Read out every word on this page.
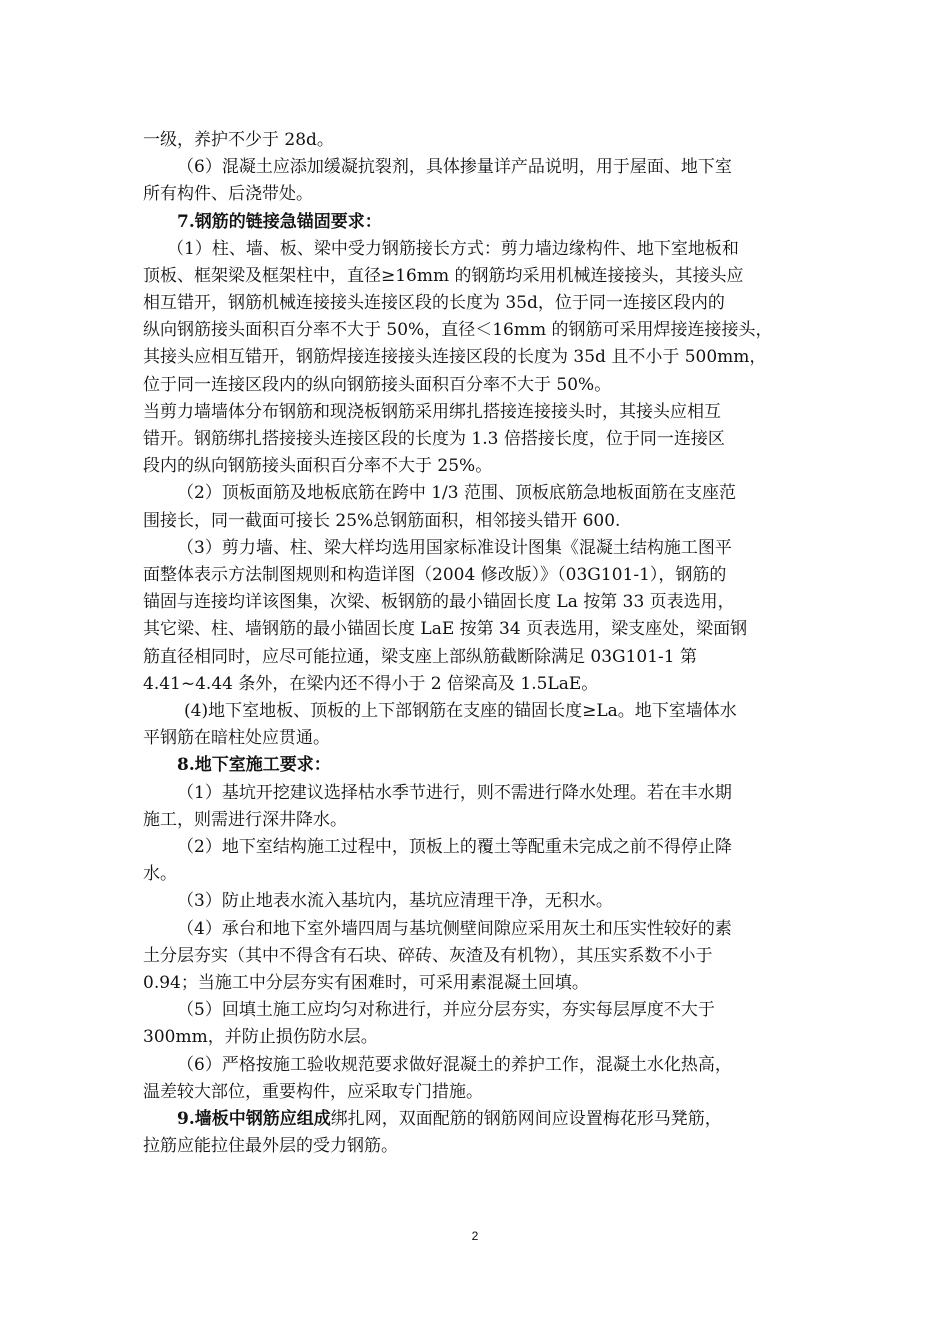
一级，养护不少于 28d。
（6）混凝土应添加缓凝抗裂剂，具体掺量详产品说明，用于屋面、地下室
所有构件、后浇带处。
7.钢筋的链接急锚固要求：
（1）柱、墙、板、梁中受力钢筋接长方式：剪力墙边缘构件、地下室地板和
顶板、框架梁及框架柱中，直径≥16mm 的钢筋均采用机械连接接头，其接头应
相互错开，钢筋机械连接接头连接区段的长度为 35d，位于同一连接区段内的
纵向钢筋接头面积百分率不大于 50%，直径＜16mm 的钢筋可采用焊接连接接头，
其接头应相互错开，钢筋焊接连接接头连接区段的长度为 35d 且不小于 500mm，
位于同一连接区段内的纵向钢筋接头面积百分率不大于 50%。
当剪力墙墙体分布钢筋和现浇板钢筋采用绑扎搭接连接接头时，其接头应相互
错开。钢筋绑扎搭接接头连接区段的长度为 1.3 倍搭接长度，位于同一连接区
段内的纵向钢筋接头面积百分率不大于 25%。
（2）顶板面筋及地板底筋在跨中 1/3 范围、顶板底筋急地板面筋在支座范
围接长，同一截面可接长 25%总钢筋面积，相邻接头错开 600.
（3）剪力墙、柱、梁大样均选用国家标准设计图集《混凝土结构施工图平
面整体表示方法制图规则和构造详图（2004 修改版）》（03G101-1），钢筋的
锚固与连接均详该图集，次梁、板钢筋的最小锚固长度 La 按第 33 页表选用，
其它梁、柱、墙钢筋的最小锚固长度 LaE 按第 34 页表选用，梁支座处，梁面钢
筋直径相同时，应尽可能拉通，梁支座上部纵筋截断除满足 03G101-1 第
4.41~4.44 条外，在梁内还不得小于 2 倍梁高及 1.5LaE。
(4)地下室地板、顶板的上下部钢筋在支座的锚固长度≥La。地下室墙体水
平钢筋在暗柱处应贯通。
8.地下室施工要求：
（1）基坑开挖建议选择枯水季节进行，则不需进行降水处理。若在丰水期
施工，则需进行深井降水。
（2）地下室结构施工过程中，顶板上的覆土等配重未完成之前不得停止降
水。
（3）防止地表水流入基坑内，基坑应清理干净，无积水。
（4）承台和地下室外墙四周与基坑侧壁间隙应采用灰土和压实性较好的素
土分层夯实（其中不得含有石块、碎砖、灰渣及有机物），其压实系数不小于
0.94；当施工中分层夯实有困难时，可采用素混凝土回填。
（5）回填土施工应均匀对称进行，并应分层夯实，夯实每层厚度不大于
300mm，并防止损伤防水层。
（6）严格按施工验收规范要求做好混凝土的养护工作，混凝土水化热高，
温差较大部位，重要构件，应采取专门措施。
9.墙板中钢筋应组成绑扎网，双面配筋的钢筋网间应设置梅花形马凳筋，
拉筋应能拉住最外层的受力钢筋。
2
